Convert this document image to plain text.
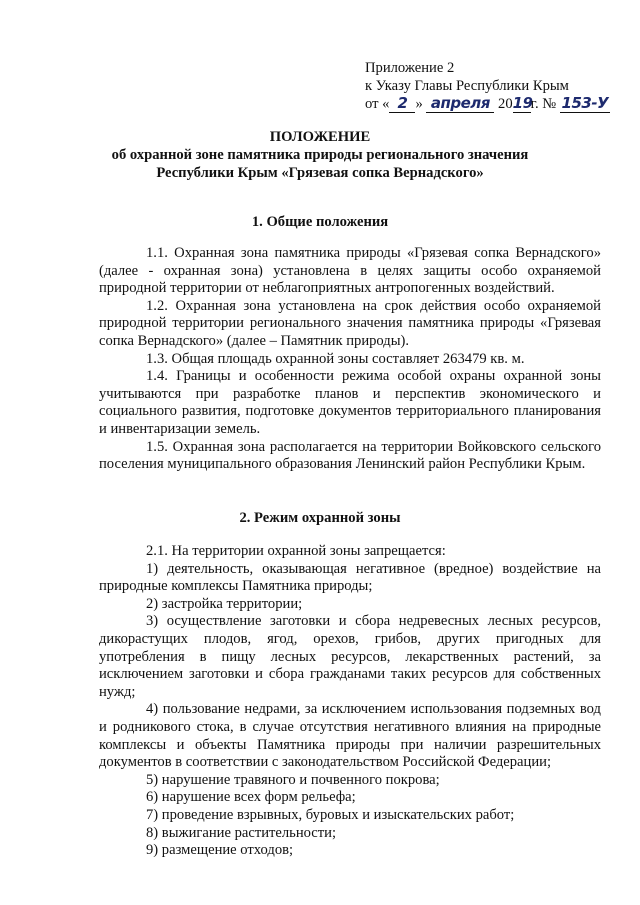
Приложение 2
к Указу Главы Республики Крым
от « 2 » апреля 2019г. № 153-У
ПОЛОЖЕНИЕ
об охранной зоне памятника природы регионального значения
Республики Крым «Грязевая сопка Вернадского»
1. Общие положения

1.1. Охранная зона памятника природы «Грязевая сопка Вернадского» (далее - охранная зона) установлена в целях защиты особо охраняемой природной территории от неблагоприятных антропогенных воздействий.

1.2. Охранная зона установлена на срок действия особо охраняемой природной территории регионального значения памятника природы «Грязевая сопка Вернадского» (далее – Памятник природы).

1.3. Общая площадь охранной зоны составляет 263479 кв. м.

1.4. Границы и особенности режима особой охраны охранной зоны учитываются при разработке планов и перспектив экономического и социального развития, подготовке документов территориального планирования и инвентаризации земель.

1.5. Охранная зона располагается на территории Войковского сельского поселения муниципального образования Ленинский район Республики Крым.

2. Режим охранной зоны

2.1. На территории охранной зоны запрещается:

1) деятельность, оказывающая негативное (вредное) воздействие на природные комплексы Памятника природы;

2) застройка территории;

3) осуществление заготовки и сбора недревесных лесных ресурсов, дикорастущих плодов, ягод, орехов, грибов, других пригодных для употребления в пищу лесных ресурсов, лекарственных растений, за исключением заготовки и сбора гражданами таких ресурсов для собственных нужд;

4) пользование недрами, за исключением использования подземных вод и родникового стока, в случае отсутствия негативного влияния на природные комплексы и объекты Памятника природы при наличии разрешительных документов в соответствии с законодательством Российской Федерации;

5) нарушение травяного и почвенного покрова;

6) нарушение всех форм рельефа;

7) проведение взрывных, буровых и изыскательских работ;

8) выжигание растительности;

9) размещение отходов;
